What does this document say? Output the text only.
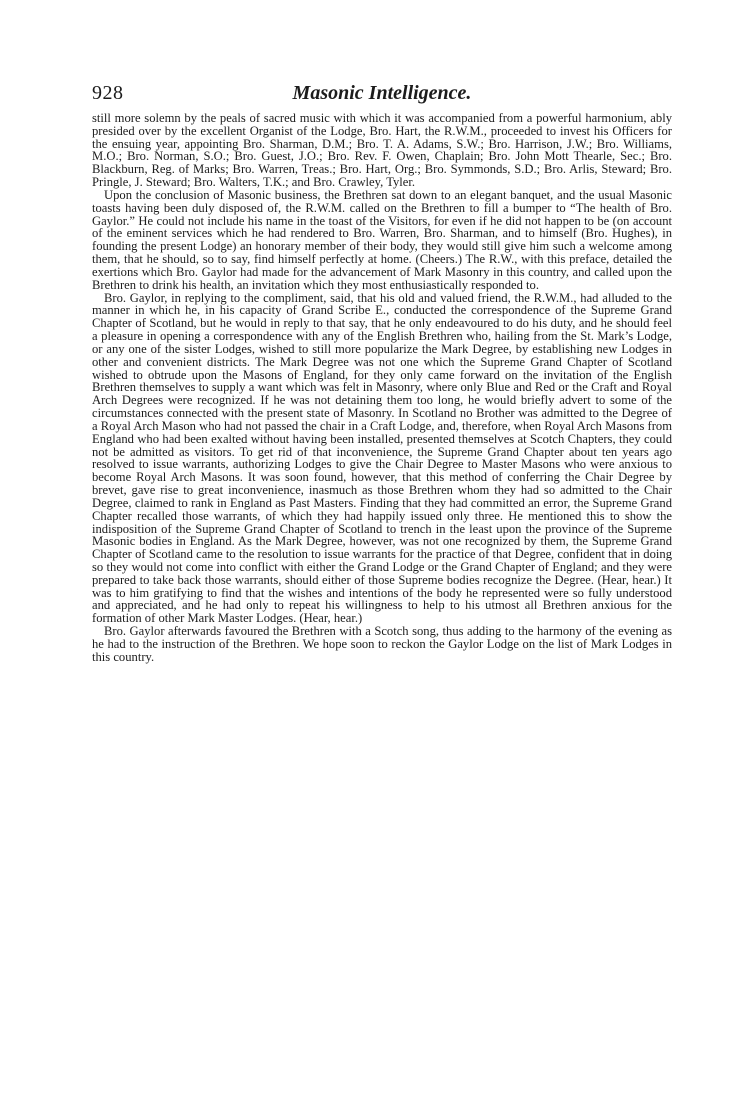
928	Masonic Intelligence.

still more solemn by the peals of sacred music with which it was accompanied from a powerful harmonium, ably presided over by the excellent Organist of the Lodge, Bro. Hart, the R.W.M., proceeded to invest his Officers for the ensuing year, appointing Bro. Sharman, D.M.; Bro. T. A. Adams, S.W.; Bro. Harrison, J.W.; Bro. Williams, M.O.; Bro. Norman, S.O.; Bro. Guest, J.O.; Bro. Rev. F. Owen, Chaplain; Bro. John Mott Thearle, Sec.; Bro. Blackburn, Reg. of Marks; Bro. Warren, Treas.; Bro. Hart, Org.; Bro. Symmonds, S.D.; Bro. Arlis, Steward; Bro. Pringle, J. Steward; Bro. Walters, T.K.; and Bro. Crawley, Tyler.

Upon the conclusion of Masonic business, the Brethren sat down to an elegant banquet, and the usual Masonic toasts having been duly disposed of, the R.W.M. called on the Brethren to fill a bumper to “The health of Bro. Gaylor.” He could not include his name in the toast of the Visitors, for even if he did not happen to be (on account of the eminent services which he had rendered to Bro. Warren, Bro. Sharman, and to himself (Bro. Hughes), in founding the present Lodge) an honorary member of their body, they would still give him such a welcome among them, that he should, so to say, find himself perfectly at home. (Cheers.) The R.W., with this preface, detailed the exertions which Bro. Gaylor had made for the advancement of Mark Masonry in this country, and called upon the Brethren to drink his health, an invitation which they most enthusiastically responded to.

Bro. Gaylor, in replying to the compliment, said, that his old and valued friend, the R.W.M., had alluded to the manner in which he, in his capacity of Grand Scribe E., conducted the correspondence of the Supreme Grand Chapter of Scotland, but he would in reply to that say, that he only endeavoured to do his duty, and he should feel a pleasure in opening a correspondence with any of the English Brethren who, hailing from the St. Mark’s Lodge, or any one of the sister Lodges, wished to still more popularize the Mark Degree, by establishing new Lodges in other and convenient districts. The Mark Degree was not one which the Supreme Grand Chapter of Scotland wished to obtrude upon the Masons of England, for they only came forward on the invitation of the English Brethren themselves to supply a want which was felt in Masonry, where only Blue and Red or the Craft and Royal Arch Degrees were recognized. If he was not detaining them too long, he would briefly advert to some of the circumstances connected with the present state of Masonry. In Scotland no Brother was admitted to the Degree of a Royal Arch Mason who had not passed the chair in a Craft Lodge, and, therefore, when Royal Arch Masons from England who had been exalted without having been installed, presented themselves at Scotch Chapters, they could not be admitted as visitors. To get rid of that inconvenience, the Supreme Grand Chapter about ten years ago resolved to issue warrants, authorizing Lodges to give the Chair Degree to Master Masons who were anxious to become Royal Arch Masons. It was soon found, however, that this method of conferring the Chair Degree by brevet, gave rise to great inconvenience, inasmuch as those Brethren whom they had so admitted to the Chair Degree, claimed to rank in England as Past Masters. Finding that they had committed an error, the Supreme Grand Chapter recalled those warrants, of which they had happily issued only three. He mentioned this to show the indisposition of the Supreme Grand Chapter of Scotland to trench in the least upon the province of the Supreme Masonic bodies in England. As the Mark Degree, however, was not one recognized by them, the Supreme Grand Chapter of Scotland came to the resolution to issue warrants for the practice of that Degree, confident that in doing so they would not come into conflict with either the Grand Lodge or the Grand Chapter of England; and they were prepared to take back those warrants, should either of those Supreme bodies recognize the Degree. (Hear, hear.) It was to him gratifying to find that the wishes and intentions of the body he represented were so fully understood and appreciated, and he had only to repeat his willingness to help to his utmost all Brethren anxious for the formation of other Mark Master Lodges. (Hear, hear.)

Bro. Gaylor afterwards favoured the Brethren with a Scotch song, thus adding to the harmony of the evening as he had to the instruction of the Brethren. We hope soon to reckon the Gaylor Lodge on the list of Mark Lodges in this country.
